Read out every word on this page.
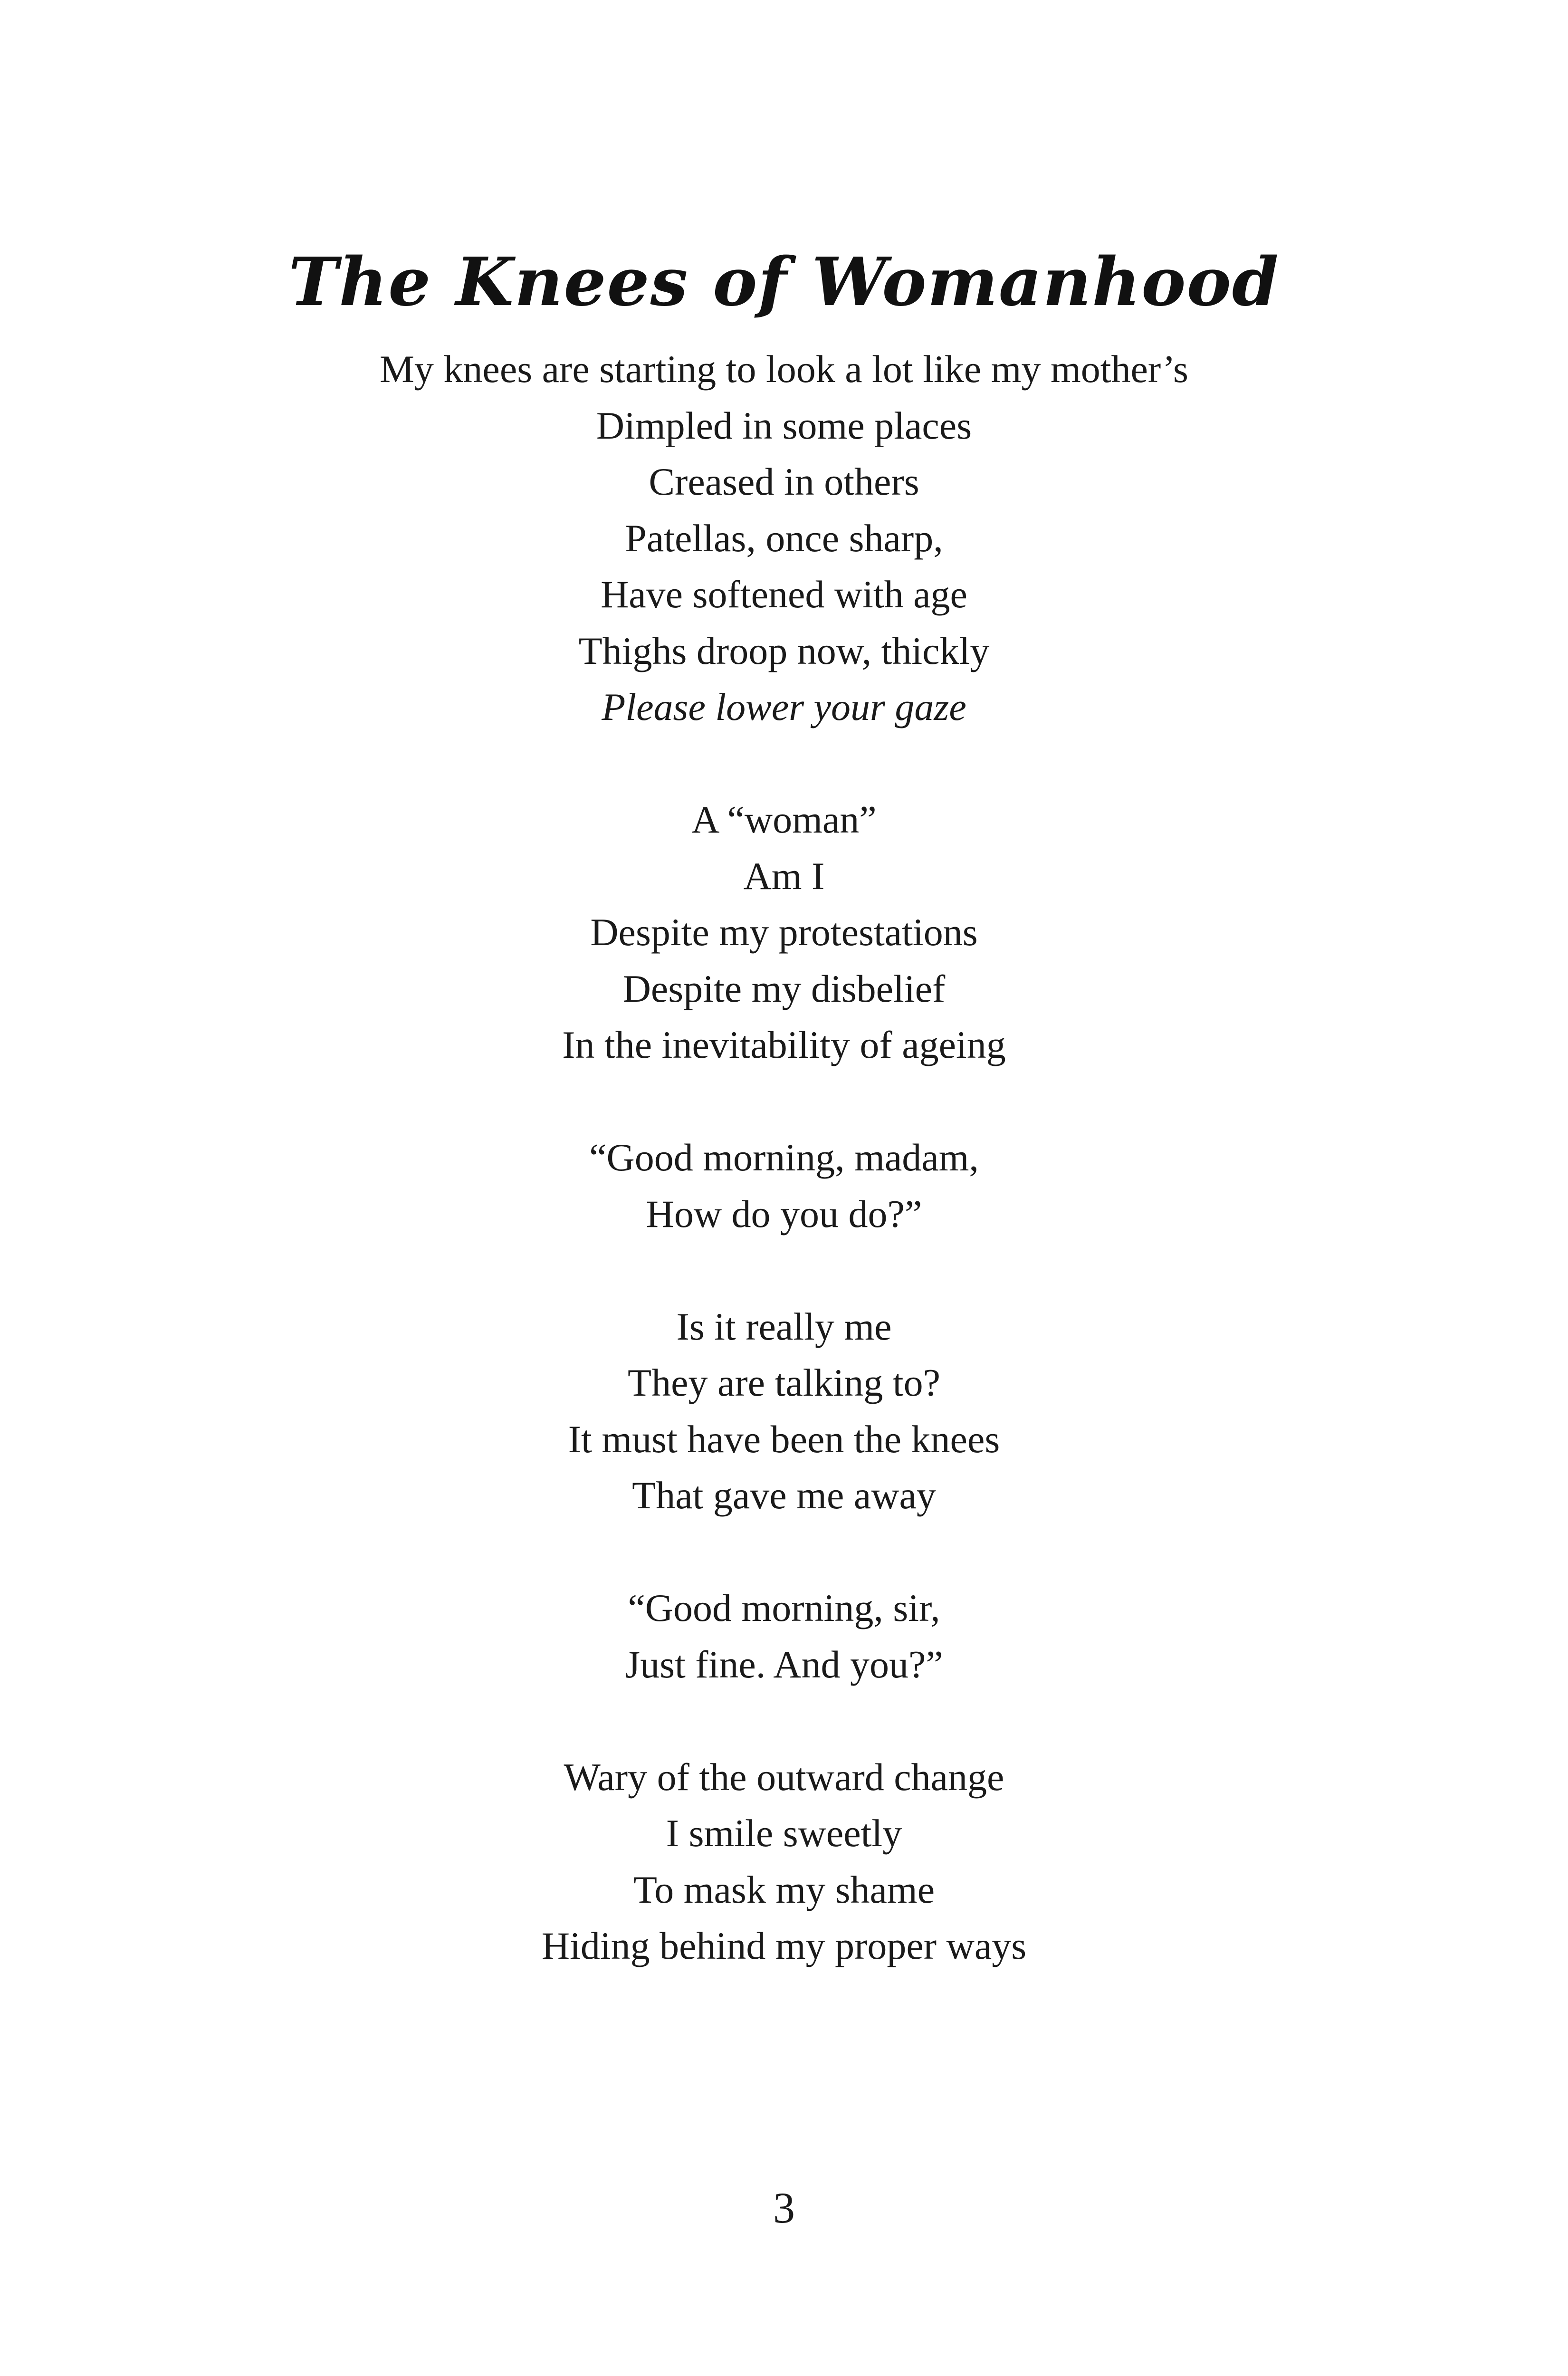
The Knees of Womanhood

My knees are starting to look a lot like my mother’s
Dimpled in some places
Creased in others
Patellas, once sharp,
Have softened with age
Thighs droop now, thickly
Please lower your gaze

A “woman”
Am I
Despite my protestations
Despite my disbelief
In the inevitability of ageing

“Good morning, madam,
How do you do?”

Is it really me
They are talking to?
It must have been the knees
That gave me away

“Good morning, sir,
Just fine. And you?”

Wary of the outward change
I smile sweetly
To mask my shame
Hiding behind my proper ways

3
